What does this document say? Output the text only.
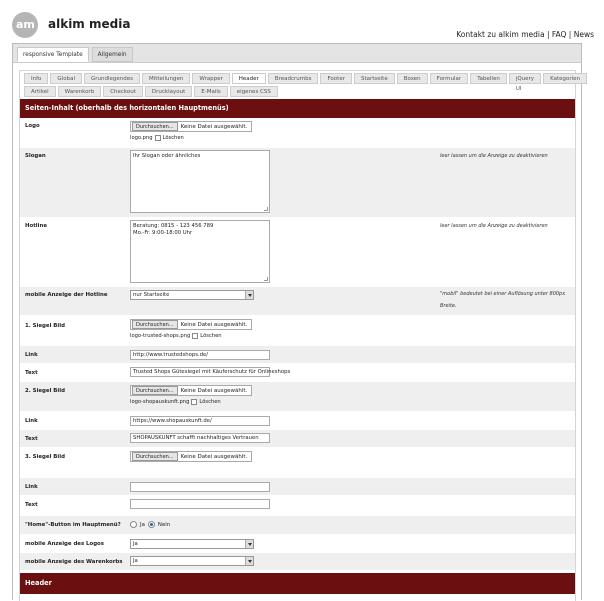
am alkim media
Kontakt zu alkim media | FAQ | News
responsive Template	Allgemein
Info	Global	Grundlegendes	Mitteilungen	Wrapper	Header	Breadcrumbs	Footer	Startseite	Boxen	Formular	Tabellen	jQuery UI
Kategorien
Artikel	Warenkorb	Checkout	Drucklayout	E-Mails	eigenes CSS
Seiten-Inhalt (oberhalb des horizontalen Hauptmenüs)
Logo	Durchsuchen...	Keine Datei ausgewählt.
logo.png Löschen
Slogan	Ihr Slogan oder ähnliches	leer lassen um die Anzeige zu deaktivieren
Hotline	Beratung: 0815 - 123 456 789
Mo.-Fr. 9:00-18:00 Uhr
leer lassen um die Anzeige zu deaktivieren
mobile Anzeige der Hotline	nur Startseite	"mobil" bedeutet bei einer Auflösung unter 800px Breite.
1. Siegel Bild	Durchsuchen...	Keine Datei ausgewählt.
logo-trusted-shops.png Löschen
Link	http://www.trustedshops.de/
Text	Trusted Shops Gütesiegel mit Käuferschutz für Onlineshops
2. Siegel Bild	Durchsuchen...	Keine Datei ausgewählt.
logo-shopauskunft.png Löschen
Link	https://www.shopauskunft.de/
Text	SHOPAUSKUNFT schafft nachhaltiges Vertrauen
3. Siegel Bild	Durchsuchen...	Keine Datei ausgewählt.
Link
Text
"Home"-Button im Hauptmenü?	Ja Nein
mobile Anzeige des Logos	Ja
mobile Anzeige des Warenkorbs	Ja
Header
